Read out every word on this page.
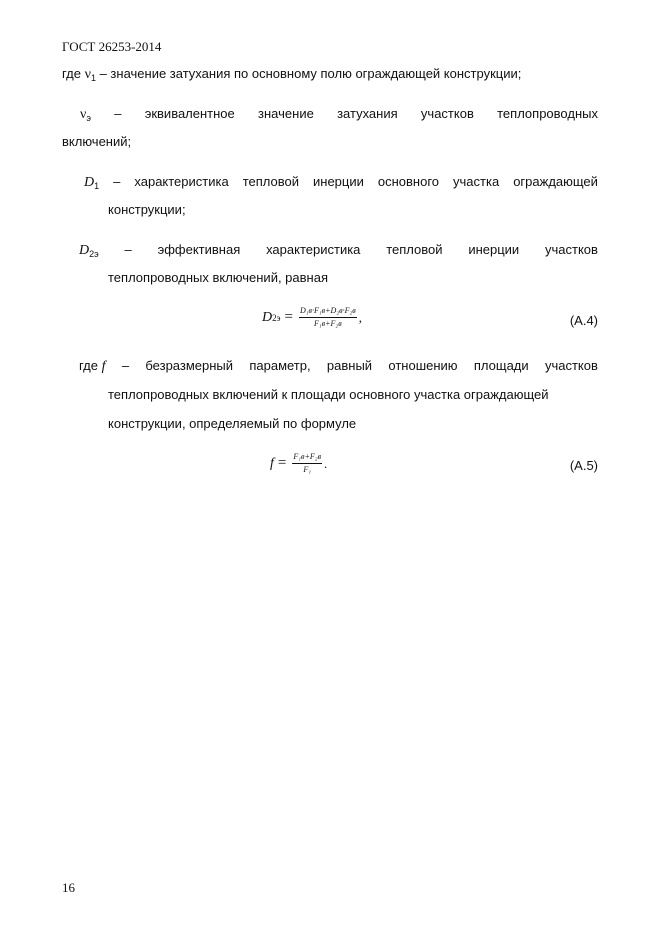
ГОСТ 26253-2014
где $\nu_1$ – значение затухания по основному полю ограждающей конструкции;
$\nu_э$ – эквивалентное значение затухания участков теплопроводных
включений;
$D_1$ – характеристика тепловой инерции основного участка ограждающей
конструкции;
$D_{2э}$ – эффективная характеристика тепловой инерции участков
теплопроводных включений, равная
D $2э = \frac{\text{D₁в·F₁в+D₂в·F₂в}}{\text{F₁в+F₂в}}$ ,	(А.4)
где f – безразмерный параметр, равный отношению площади участков
теплопроводных включений к площади основного участка ограждающей
конструкции, определяемый по формуле
$f = \frac{\text{F₁в+F₂в}}{\text{F₁}}$ .	(А.5)
16
